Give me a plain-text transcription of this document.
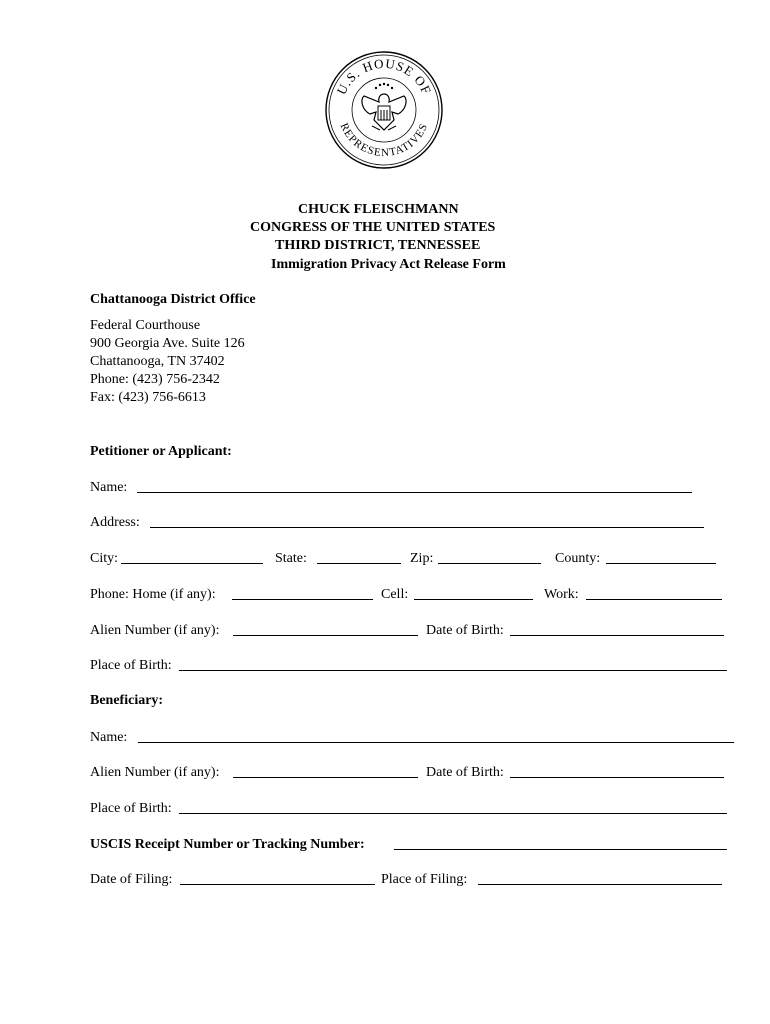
U.S. HOUSE OF
REPRESENTATIVES
CHUCK FLEISCHMANN
CONGRESS OF THE UNITED STATES
THIRD DISTRICT, TENNESSEE
Immigration Privacy Act Release Form
Chattanooga District Office
Federal Courthouse
900 Georgia Ave. Suite 126
Chattanooga, TN 37402
Phone: (423) 756-2342
Fax: (423) 756-6613
Petitioner or Applicant:
Name:
Address:
City:	State:	Zip:	County:
Phone: Home (if any):	Cell:	Work:
Alien Number (if any):	Date of Birth:
Place of Birth:
Beneficiary:
Name:
Alien Number (if any):	Date of Birth:
Place of Birth:
USCIS Receipt Number or Tracking Number:
Date of Filing:	Place of Filing:
